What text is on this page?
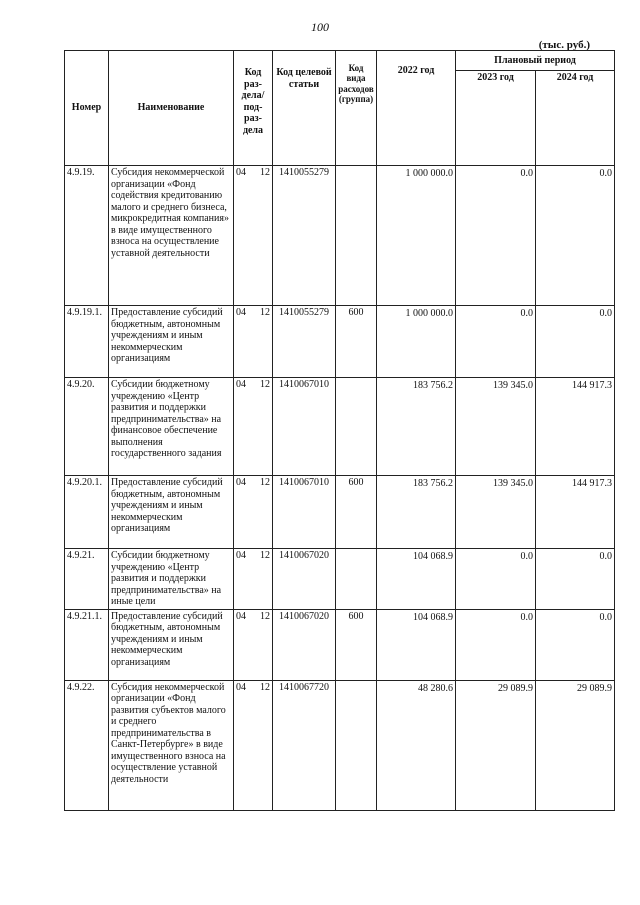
100
(тыс. руб.)
Номер	Наименование	Код раз-дела/ под-раз-дела	Код целевой статьи	Код вида расходов (группа)	2022 год	Плановый период	
						2023 год	2024 год
4.9.19.	Субсидия некоммерческой организации «Фонд содействия кредитованию малого и среднего бизнеса, микрокредитная компания» в виде имущественного взноса на осуществление уставной деятельности	04 12	1410055279		1 000 000.0	0.0	0.0
4.9.19.1.	Предоставление субсидий бюджетным, автономным учреждениям и иным некоммерческим организациям	04 12	1410055279	600	1 000 000.0	0.0	0.0
4.9.20.	Субсидии бюджетному учреждению «Центр развития и поддержки предпринимательства» на финансовое обеспечение выполнения государственного задания	04 12	1410067010		183 756.2	139 345.0	144 917.3
4.9.20.1.	Предоставление субсидий бюджетным, автономным учреждениям и иным некоммерческим организациям	04 12	1410067010	600	183 756.2	139 345.0	144 917.3
4.9.21.	Субсидии бюджетному учреждению «Центр развития и поддержки предпринимательства» на иные цели	04 12	1410067020		104 068.9	0.0	0.0
4.9.21.1.	Предоставление субсидий бюджетным, автономным учреждениям и иным некоммерческим организациям	04 12	1410067020	600	104 068.9	0.0	0.0
4.9.22.	Субсидия некоммерческой организации «Фонд развития субъектов малого и среднего предпринимательства в Санкт-Петербурге» в виде имущественного взноса на осуществление уставной деятельности	04 12	1410067720		48 280.6	29 089.9	29 089.9
